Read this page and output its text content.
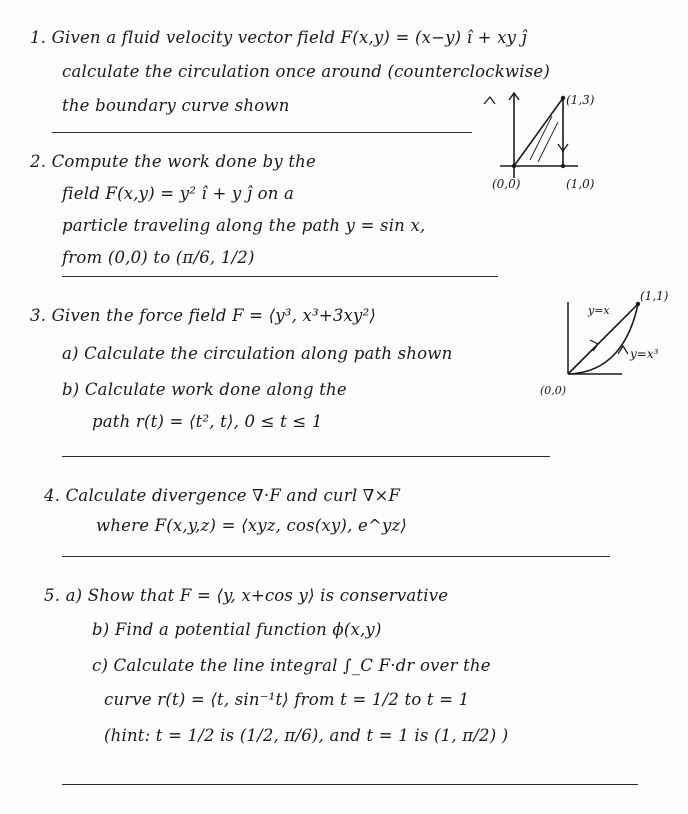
1. Given a fluid velocity vector field F(x,y) = (x−y) î + xy ĵ
calculate the circulation once around (counterclockwise)
the boundary curve shown	(1,3)
(0,0)	(1,0)
2. Compute the work done by the
field F(x,y) = y² î + y ĵ on a
particle traveling along the path y = sin x,
from (0,0) to (π/6, 1/2)
3. Given the force field F = ⟨y³, x³+3xy²⟩
a) Calculate the circulation along path shown
b) Calculate work done along the
path r(t) = ⟨t², t⟩, 0 ≤ t ≤ 1
(1,1)
(0,0)
y=x
y=x³
4. Calculate divergence ∇·F and curl ∇×F
where F(x,y,z) = ⟨xyz, cos(xy), e^yz⟩
5. a) Show that F = ⟨y, x+cos y⟩ is conservative
b) Find a potential function ϕ(x,y)
c) Calculate the line integral ∫_C F·dr over the
curve r(t) = ⟨t, sin⁻¹t⟩ from t = 1/2 to t = 1
(hint: t = 1/2 is (1/2, π/6), and t = 1 is (1, π/2) )
